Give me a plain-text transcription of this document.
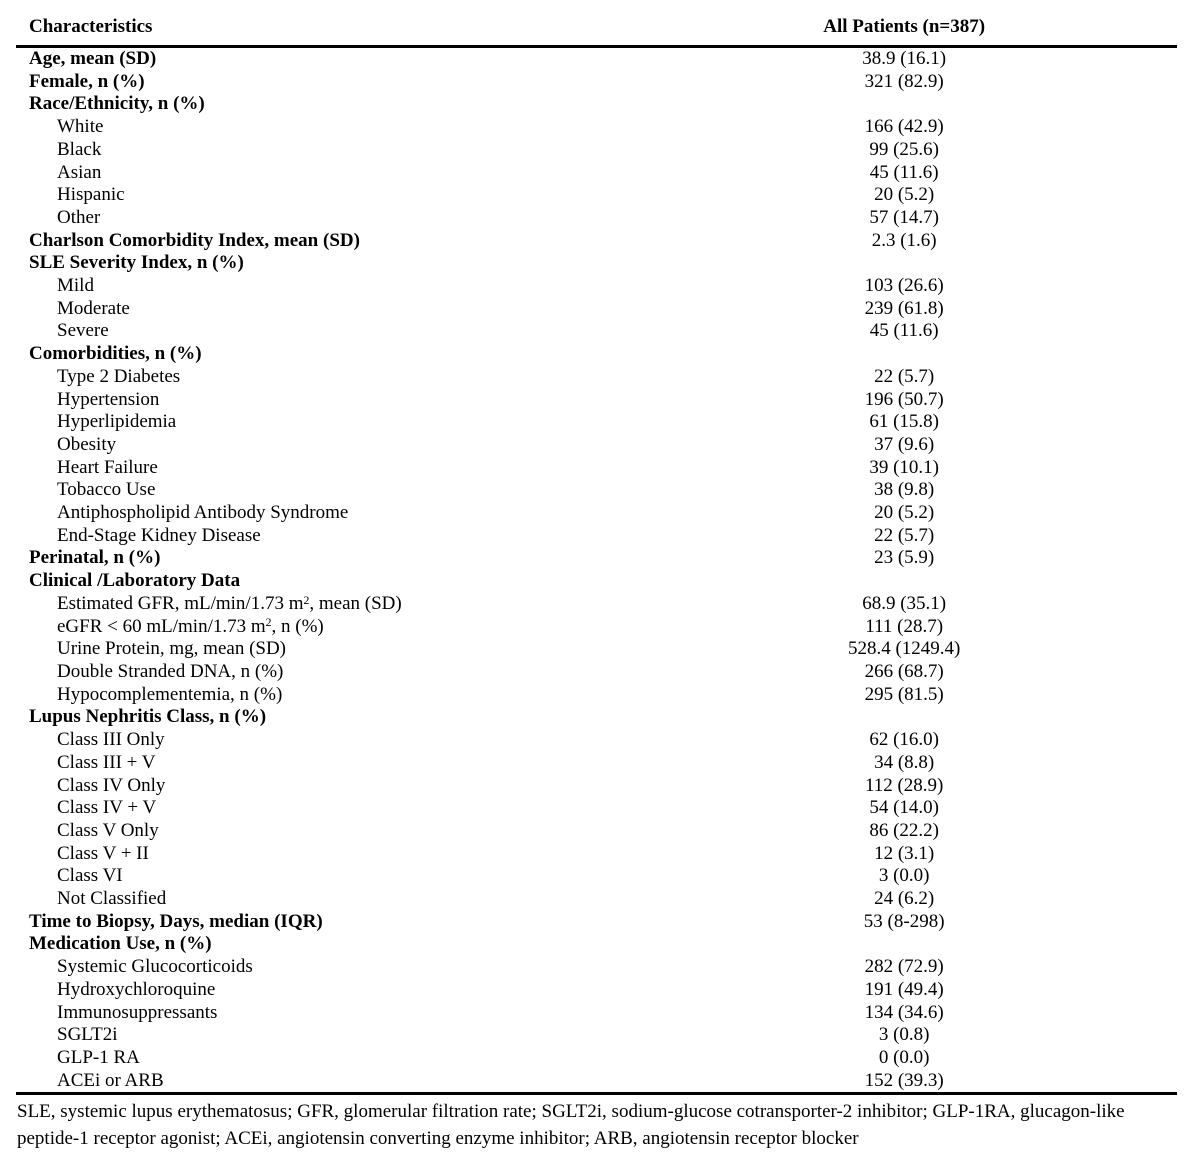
Characteristics	All Patients (n=387)
Age, mean (SD)	38.9 (16.1)
Female, n (%)	321 (82.9)
Race/Ethnicity, n (%)	
White	166 (42.9)
Black	99 (25.6)
Asian	45 (11.6)
Hispanic	20 (5.2)
Other	57 (14.7)
Charlson Comorbidity Index, mean (SD)	2.3 (1.6)
SLE Severity Index, n (%)	
Mild	103 (26.6)
Moderate	239 (61.8)
Severe	45 (11.6)
Comorbidities, n (%)	
Type 2 Diabetes	22 (5.7)
Hypertension	196 (50.7)
Hyperlipidemia	61 (15.8)
Obesity	37 (9.6)
Heart Failure	39 (10.1)
Tobacco Use	38 (9.8)
Antiphospholipid Antibody Syndrome	20 (5.2)
End-Stage Kidney Disease	22 (5.7)
Perinatal, n (%)	23 (5.9)
Clinical /Laboratory Data	
Estimated GFR, mL/min/1.73 $m^2$, mean (SD)	68.9 (35.1)
eGFR < 60 mL/min/1.73 $m^2$, n (%)	111 (28.7)
Urine Protein, mg, mean (SD)	528.4 (1249.4)
Double Stranded DNA, n (%)	266 (68.7)
Hypocomplementemia, n (%)	295 (81.5)
Lupus Nephritis Class, n (%)	
Class III Only	62 (16.0)
Class III + V	34 (8.8)
Class IV Only	112 (28.9)
Class IV + V	54 (14.0)
Class V Only	86 (22.2)
Class V + II	12 (3.1)
Class VI	3 (0.0)
Not Classified	24 (6.2)
Time to Biopsy, Days, median (IQR)	53 (8-298)
Medication Use, n (%)	
Systemic Glucocorticoids	282 (72.9)
Hydroxychloroquine	191 (49.4)
Immunosuppressants	134 (34.6)
SGLT2i	3 (0.8)
GLP-1 RA	0 (0.0)
ACEi or ARB	152 (39.3)
SLE, systemic lupus erythematosus; GFR, glomerular filtration rate; SGLT2i, sodium-glucose cotransporter-2 inhibitor; GLP-1RA, glucagon-like
peptide-1 receptor agonist; ACEi, angiotensin converting enzyme inhibitor; ARB, angiotensin receptor blocker
